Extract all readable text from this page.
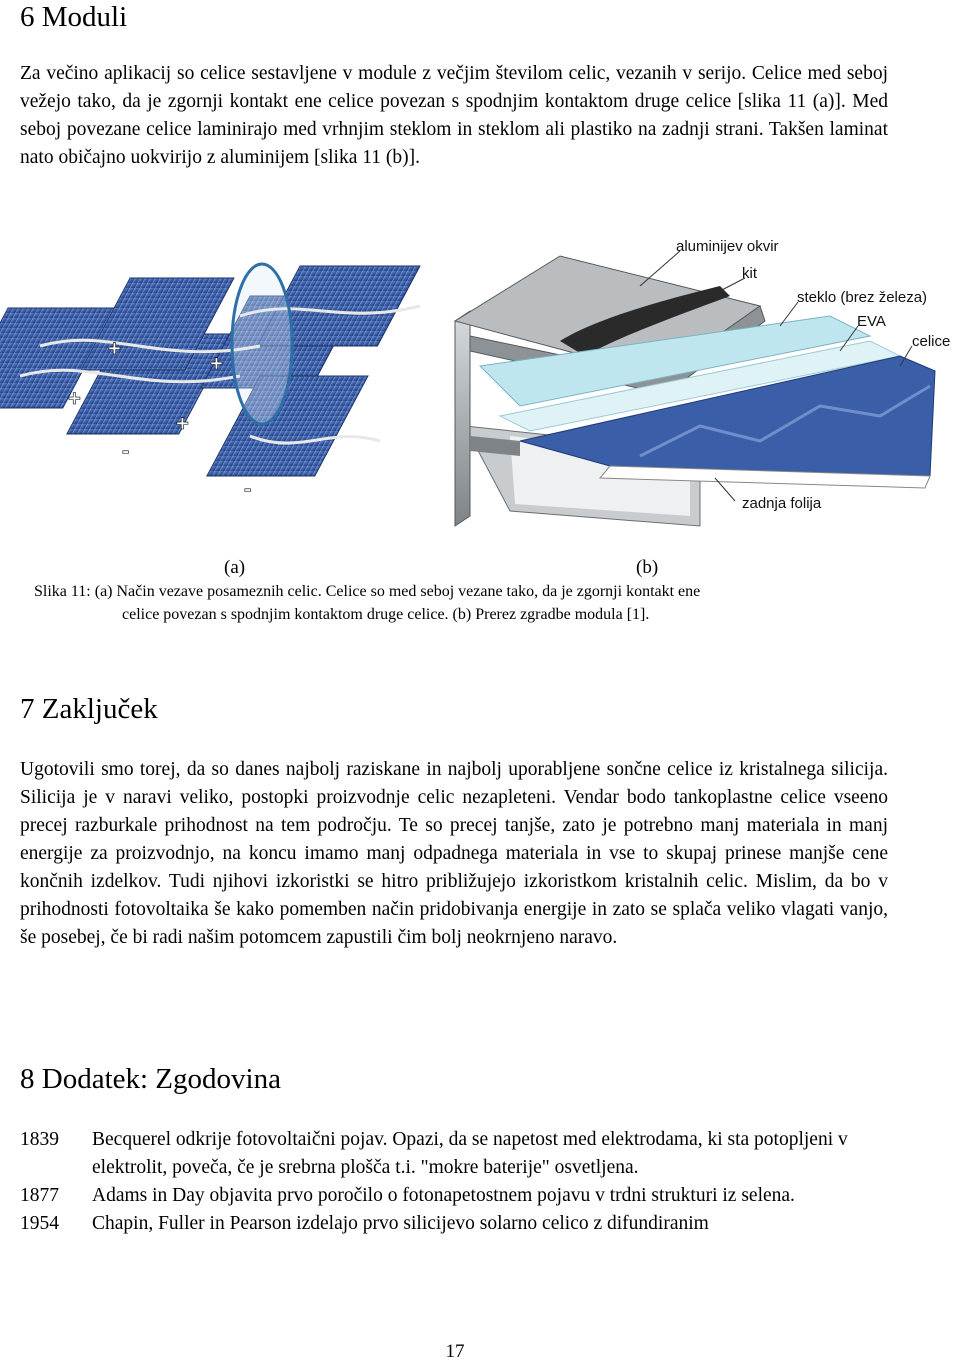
6 Moduli

Za večino aplikacij so celice sestavljene v module z večjim številom celic, vezanih v serijo. Celice med seboj vežejo tako, da je zgornji kontakt ene celice povezan s spodnjim kontaktom druge celice [slika 11 (a)]. Med seboj povezane celice laminirajo med vrhnjim steklom in steklom ali plastiko na zadnji strani. Takšen laminat nato običajno uokvirijo z aluminijem [slika 11 (b)].

+
+
+
+
-
-
aluminijev okvir
kit
steklo (brez železa)
EVA
celice
zadnja folija
(a)	(b)
Slika 11: (a) Način vezave posameznih celic. Celice so med seboj vezane tako, da je zgornji kontakt ene
celice povezan s spodnjim kontaktom druge celice. (b) Prerez zgradbe modula [1].
7 Zaključek

Ugotovili smo torej, da so danes najbolj raziskane in najbolj uporabljene sončne celice iz kristalnega silicija. Silicija je v naravi veliko, postopki proizvodnje celic nezapleteni. Vendar bodo tankoplastne celice vseeno precej razburkale prihodnost na tem področju. Te so precej tanjše, zato je potrebno manj materiala in manj energije za proizvodnjo, na koncu imamo manj odpadnega materiala in vse to skupaj prinese manjše cene končnih izdelkov. Tudi njihovi izkoristki se hitro približujejo izkoristkom kristalnih celic. Mislim, da bo v prihodnosti fotovoltaika še kako pomemben način pridobivanja energije in zato se splača veliko vlagati vanjo, še posebej, če bi radi našim potomcem zapustili čim bolj neokrnjeno naravo.

8 Dodatek: Zgodovina
1839	Becquerel odkrije fotovoltaični pojav. Opazi, da se napetost med elektrodama, ki sta potopljeni v elektrolit, poveča, če je srebrna plošča t.i. "mokre baterije" osvetljena.
1877	Adams in Day objavita prvo poročilo o fotonapetostnem pojavu v trdni strukturi iz selena.
1954	Chapin, Fuller in Pearson izdelajo prvo silicijevo solarno celico z difundiranim
17
